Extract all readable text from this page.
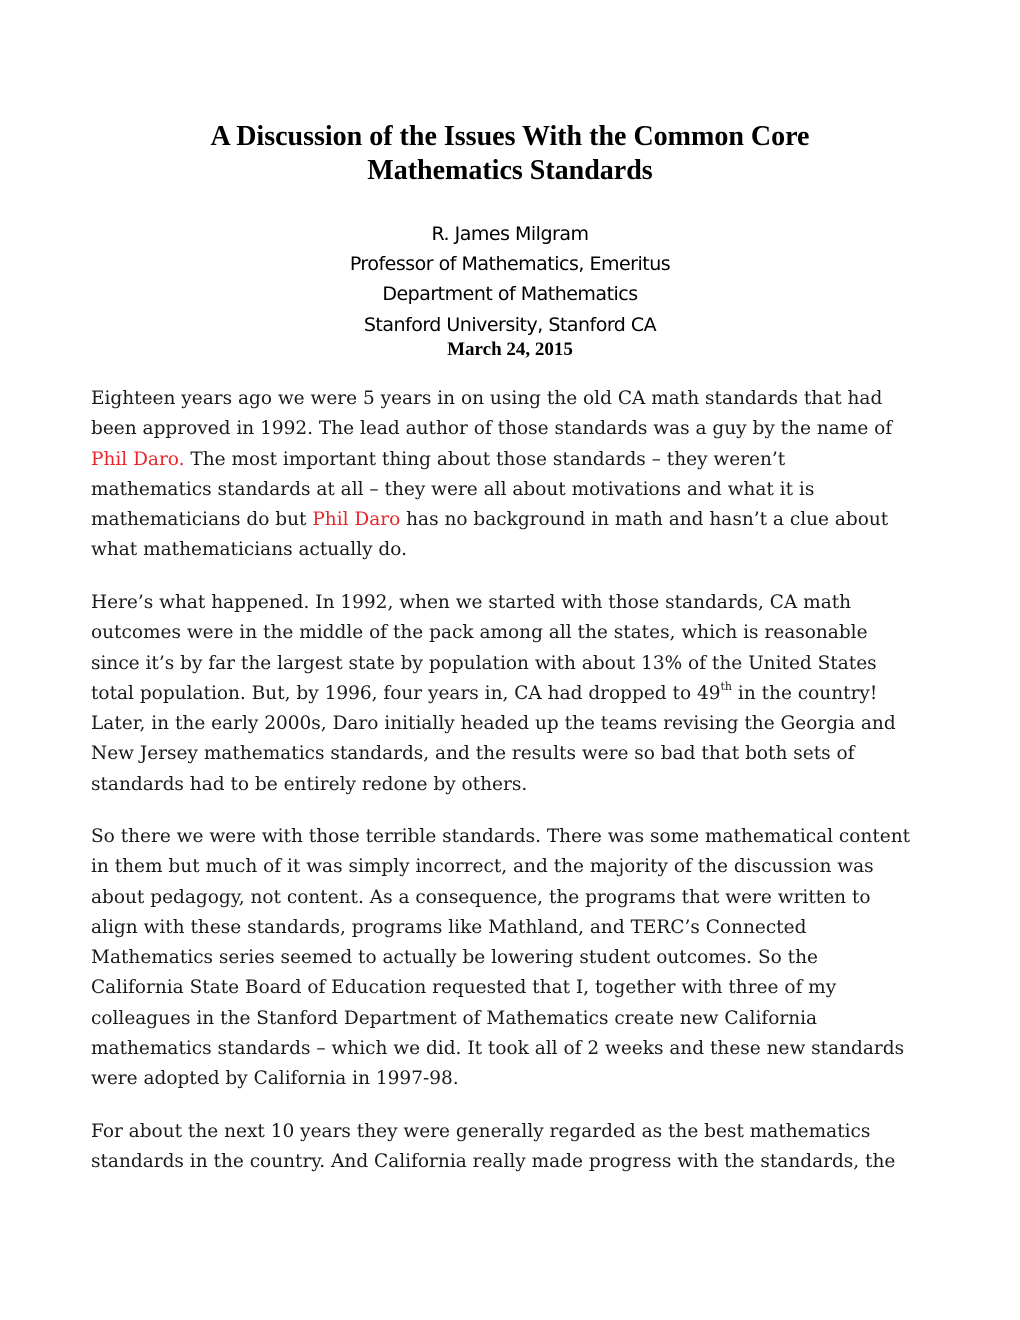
A Discussion of the Issues With the Common Core
Mathematics Standards
R. James Milgram
Professor of Mathematics, Emeritus
Department of Mathematics
Stanford University, Stanford CA
March 24, 2015
Eighteen years ago we were 5 years in on using the old CA math standards that had
been approved in 1992. The lead author of those standards was a guy by the name of
Phil Daro. The most important thing about those standards – they weren’t
mathematics standards at all – they were all about motivations and what it is
mathematicians do but Phil Daro has no background in math and hasn’t a clue about
what mathematicians actually do.
Here’s what happened. In 1992, when we started with those standards, CA math
outcomes were in the middle of the pack among all the states, which is reasonable
since it’s by far the largest state by population with about 13% of the United States
total population. But, by 1996, four years in, CA had dropped to 49th in the country!
Later, in the early 2000s, Daro initially headed up the teams revising the Georgia and
New Jersey mathematics standards, and the results were so bad that both sets of
standards had to be entirely redone by others.
So there we were with those terrible standards. There was some mathematical content
in them but much of it was simply incorrect, and the majority of the discussion was
about pedagogy, not content. As a consequence, the programs that were written to
align with these standards, programs like Mathland, and TERC’s Connected
Mathematics series seemed to actually be lowering student outcomes. So the
California State Board of Education requested that I, together with three of my
colleagues in the Stanford Department of Mathematics create new California
mathematics standards – which we did. It took all of 2 weeks and these new standards
were adopted by California in 1997-98.
For about the next 10 years they were generally regarded as the best mathematics
standards in the country. And California really made progress with the standards, the
